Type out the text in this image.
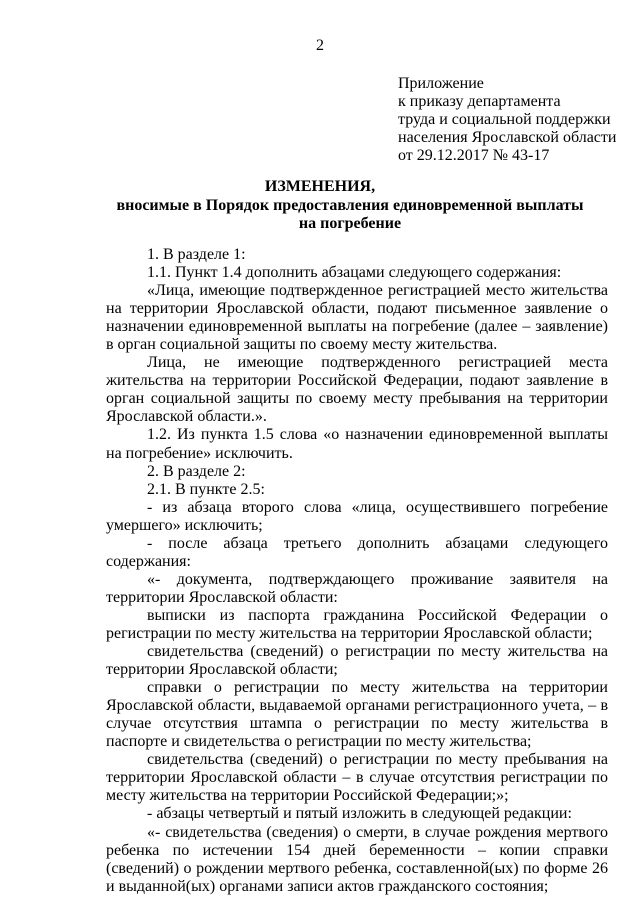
2
Приложение
к приказу департамента
труда и социальной поддержки
населения Ярославской области
от 29.12.2017 № 43-17
ИЗМЕНЕНИЯ,
вносимые в Порядок предоставления единовременной выплаты на погребение

1. В разделе 1:

1.1. Пункт 1.4 дополнить абзацами следующего содержания:

«Лица, имеющие подтвержденное регистрацией место жительства на территории Ярославской области, подают письменное заявление о назначении единовременной выплаты на погребение (далее – заявление) в орган социальной защиты по своему месту жительства.

Лица, не имеющие подтвержденного регистрацией места жительства на территории Российской Федерации, подают заявление в орган социальной защиты по своему месту пребывания на территории Ярославской области.».

1.2. Из пункта 1.5 слова «о назначении единовременной выплаты на погребение» исключить.

2. В разделе 2:

2.1. В пункте 2.5:

- из абзаца второго слова «лица, осуществившего погребение умершего» исключить;

- после абзаца третьего дополнить абзацами следующего содержания:

«- документа, подтверждающего проживание заявителя на территории Ярославской области:

выписки из паспорта гражданина Российской Федерации о регистрации по месту жительства на территории Ярославской области;

свидетельства (сведений) о регистрации по месту жительства на территории Ярославской области;

справки о регистрации по месту жительства на территории Ярославской области, выдаваемой органами регистрационного учета, – в случае отсутствия штампа о регистрации по месту жительства в паспорте и свидетельства о регистрации по месту жительства;

свидетельства (сведений) о регистрации по месту пребывания на территории Ярославской области – в случае отсутствия регистрации по месту жительства на территории Российской Федерации;»;

- абзацы четвертый и пятый изложить в следующей редакции:

«- свидетельства (сведения) о смерти, в случае рождения мертвого ребенка по истечении 154 дней беременности – копии справки (сведений) о рождении мертвого ребенка, составленной(ых) по форме 26 и выданной(ых) органами записи актов гражданского состояния;
